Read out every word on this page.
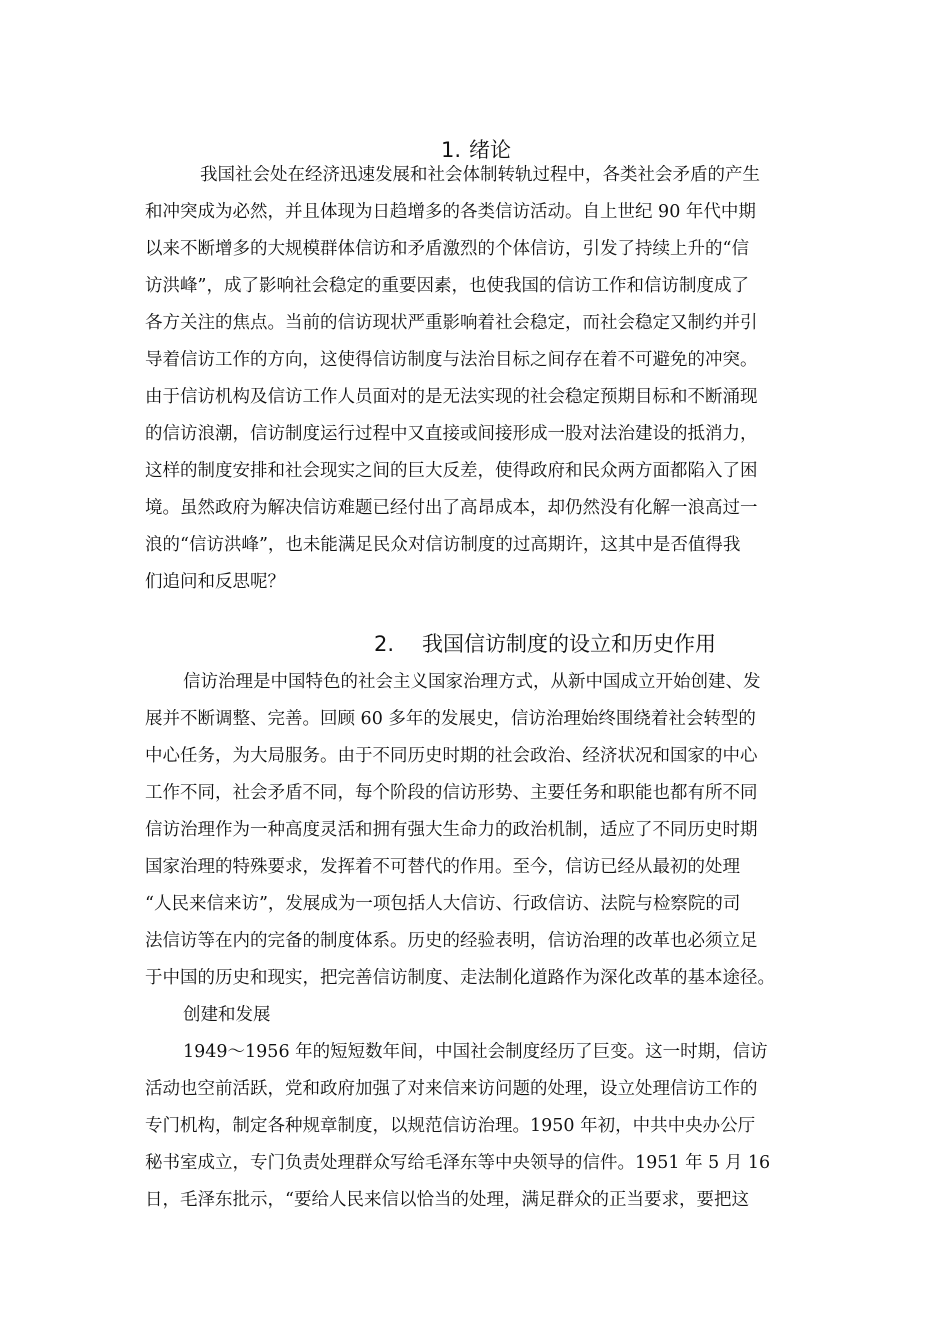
1. 绪论
我国社会处在经济迅速发展和社会体制转轨过程中，各类社会矛盾的产生
和冲突成为必然，并且体现为日趋增多的各类信访活动。自上世纪 90 年代中期
以来不断增多的大规模群体信访和矛盾激烈的个体信访，引发了持续上升的“信
访洪峰”，成了影响社会稳定的重要因素，也使我国的信访工作和信访制度成了
各方关注的焦点。当前的信访现状严重影响着社会稳定，而社会稳定又制约并引
导着信访工作的方向，这使得信访制度与法治目标之间存在着不可避免的冲突。
由于信访机构及信访工作人员面对的是无法实现的社会稳定预期目标和不断涌现
的信访浪潮，信访制度运行过程中又直接或间接形成一股对法治建设的抵消力，
这样的制度安排和社会现实之间的巨大反差，使得政府和民众两方面都陷入了困
境。虽然政府为解决信访难题已经付出了高昂成本，却仍然没有化解一浪高过一
浪的“信访洪峰”，也未能满足民众对信访制度的过高期许，这其中是否值得我
们追问和反思呢？
2. 我国信访制度的设立和历史作用
信访治理是中国特色的社会主义国家治理方式，从新中国成立开始创建、发
展并不断调整、完善。回顾 60 多年的发展史，信访治理始终围绕着社会转型的
中心任务，为大局服务。由于不同历史时期的社会政治、经济状况和国家的中心
工作不同，社会矛盾不同，每个阶段的信访形势、主要任务和职能也都有所不同
信访治理作为一种高度灵活和拥有强大生命力的政治机制，适应了不同历史时期
国家治理的特殊要求，发挥着不可替代的作用。至今，信访已经从最初的处理
“人民来信来访”，发展成为一项包括人大信访、行政信访、法院与检察院的司
法信访等在内的完备的制度体系。历史的经验表明，信访治理的改革也必须立足
于中国的历史和现实，把完善信访制度、走法制化道路作为深化改革的基本途径。
创建和发展
1949～1956 年的短短数年间，中国社会制度经历了巨变。这一时期，信访
活动也空前活跃，党和政府加强了对来信来访问题的处理，设立处理信访工作的
专门机构，制定各种规章制度，以规范信访治理。1950 年初，中共中央办公厅
秘书室成立，专门负责处理群众写给毛泽东等中央领导的信件。1951 年 5 月 16
日，毛泽东批示，“要给人民来信以恰当的处理，满足群众的正当要求，要把这
